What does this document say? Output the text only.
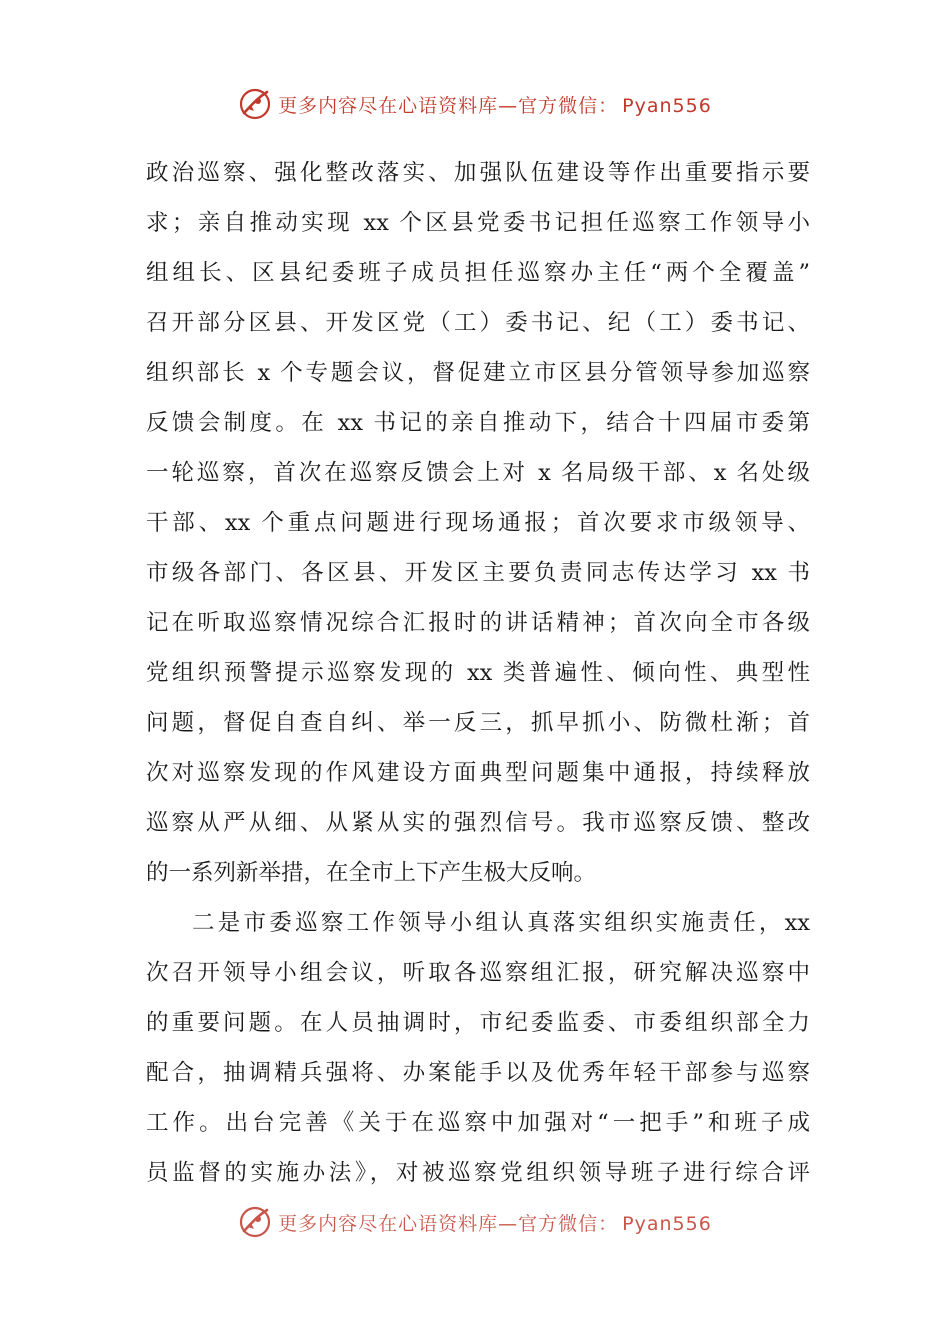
更多内容尽在心语资料库—官方微信： Pyan556
政治巡察、强化整改落实、加强队伍建设等作出重要指示要
求；亲自推动实现 xx 个区县党委书记担任巡察工作领导小
组组长、区县纪委班子成员担任巡察办主任“两个全覆盖”
召开部分区县、开发区党（工）委书记、纪（工）委书记、
组织部长 x 个专题会议，督促建立市区县分管领导参加巡察
反馈会制度。在 xx 书记的亲自推动下，结合十四届市委第
一轮巡察，首次在巡察反馈会上对 x 名局级干部、x 名处级
干部、xx 个重点问题进行现场通报；首次要求市级领导、
市级各部门、各区县、开发区主要负责同志传达学习 xx 书
记在听取巡察情况综合汇报时的讲话精神；首次向全市各级
党组织预警提示巡察发现的 xx 类普遍性、倾向性、典型性
问题，督促自查自纠、举一反三，抓早抓小、防微杜渐；首
次对巡察发现的作风建设方面典型问题集中通报，持续释放
巡察从严从细、从紧从实的强烈信号。我市巡察反馈、整改
的一系列新举措，在全市上下产生极大反响。
二是市委巡察工作领导小组认真落实组织实施责任，xx
次召开领导小组会议，听取各巡察组汇报，研究解决巡察中
的重要问题。在人员抽调时，市纪委监委、市委组织部全力
配合，抽调精兵强将、办案能手以及优秀年轻干部参与巡察
工作。出台完善《关于在巡察中加强对“一把手”和班子成
员监督的实施办法》，对被巡察党组织领导班子进行综合评
更多内容尽在心语资料库—官方微信： Pyan556
